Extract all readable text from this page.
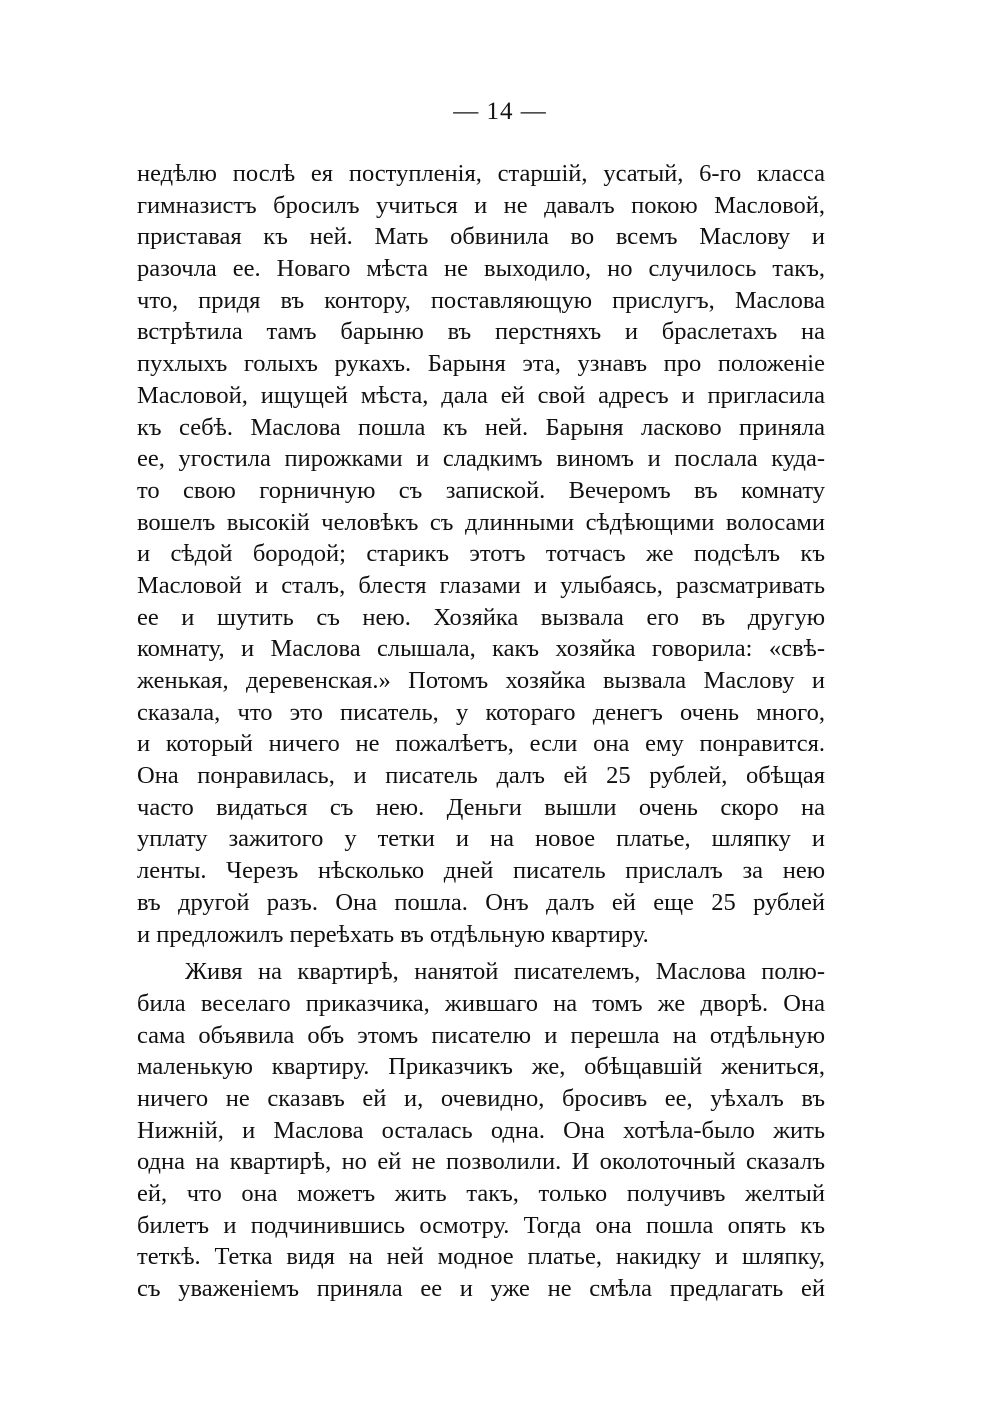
— 14 —
недѣлю послѣ ея поступленія, старшій, усатый, 6-го класса
гимназистъ бросилъ учиться и не давалъ покою Масловой,
приставая къ ней. Мать обвинила во всемъ Маслову и
разочла ее. Новаго мѣста не выходило, но случилось такъ,
что, придя въ контору, поставляющую прислугъ, Маслова
встрѣтила тамъ барыню въ перстняхъ и браслетахъ на
пухлыхъ голыхъ рукахъ. Барыня эта, узнавъ про положеніе
Масловой, ищущей мѣста, дала ей свой адресъ и пригласила
къ себѣ. Маслова пошла къ ней. Барыня ласково приняла
ее, угостила пирожками и сладкимъ виномъ и послала куда-
то свою горничную съ запиской. Вечеромъ въ комнату
вошелъ высокій человѣкъ съ длинными сѣдѣющими волосами
и сѣдой бородой; старикъ этотъ тотчасъ же подсѣлъ къ
Масловой и сталъ, блестя глазами и улыбаясь, разсматривать
ее и шутить съ нею. Хозяйка вызвала его въ другую
комнату, и Маслова слышала, какъ хозяйка говорила: «свѣ-
женькая, деревенская.» Потомъ хозяйка вызвала Маслову и
сказала, что это писатель, у котораго денегъ очень много,
и который ничего не пожалѣетъ, если она ему понравится.
Она понравилась, и писатель далъ ей 25 рублей, обѣщая
часто видаться съ нею. Деньги вышли очень скоро на
уплату зажитого у тетки и на новое платье, шляпку и
ленты. Черезъ нѣсколько дней писатель прислалъ за нею
въ другой разъ. Она пошла. Онъ далъ ей еще 25 рублей
и предложилъ переѣхать въ отдѣльную квартиру.
Живя на квартирѣ, нанятой писателемъ, Маслова полю-
била веселаго приказчика, жившаго на томъ же дворѣ. Она
сама объявила объ этомъ писателю и перешла на отдѣльную
маленькую квартиру. Приказчикъ же, обѣщавшій жениться,
ничего не сказавъ ей и, очевидно, бросивъ ее, уѣхалъ въ
Нижній, и Маслова осталась одна. Она хотѣла-было жить
одна на квартирѣ, но ей не позволили. И околоточный сказалъ
ей, что она можетъ жить такъ, только получивъ желтый
билетъ и подчинившись осмотру. Тогда она пошла опять къ
теткѣ. Тетка видя на ней модное платье, накидку и шляпку,
съ уваженіемъ приняла ее и уже не смѣла предлагать ей
